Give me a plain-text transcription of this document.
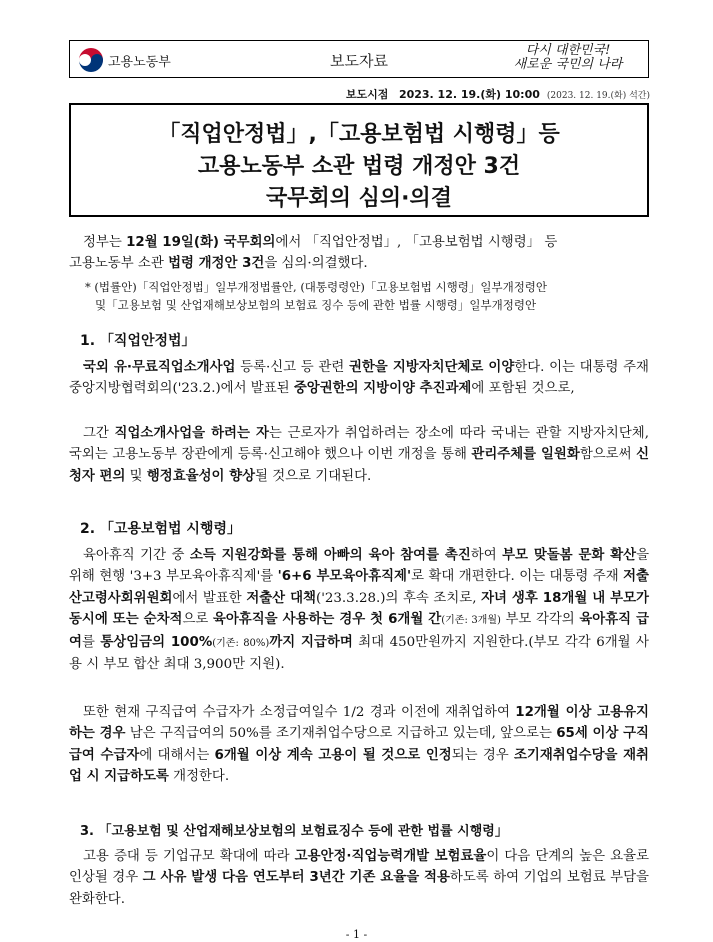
고용노동부	보도자료
다시 대한민국!
새로운 국민의 나라
보도시점 2023. 12. 19.(화) 10:00 (2023. 12. 19.(화) 석간)
「직업안정법」,「고용보험법 시행령」등
고용노동부 소관 법령 개정안 3건
국무회의 심의·의결
정부는 12월 19일(화) 국무회의에서 「직업안정법」, 「고용보험법 시행령」 등
고용노동부 소관 법령 개정안 3건을 심의·의결했다.
* (법률안)「직업안정법」일부개정법률안, (대통령령안)「고용보험법 시행령」일부개정령안
및「고용보험 및 산업재해보상보험의 보험료 징수 등에 관한 법률 시행령」일부개정령안
1. 「직업안정법」
국외 유·무료직업소개사업 등록·신고 등 관련 권한을 지방자치단체로 이양한다. 이는 대통령 주재 중앙지방협력회의('23.2.)에서 발표된 중앙권한의 지방이양 추진과제에 포함된 것으로,
그간 직업소개사업을 하려는 자는 근로자가 취업하려는 장소에 따라 국내는 관할 지방자치단체, 국외는 고용노동부 장관에게 등록·신고해야 했으나 이번 개정을 통해 관리주체를 일원화함으로써 신청자 편의 및 행정효율성이 향상될 것으로 기대된다.
2. 「고용보험법 시행령」
육아휴직 기간 중 소득 지원강화를 통해 아빠의 육아 참여를 촉진하여 부모 맞돌봄 문화 확산을 위해 현행 '3+3 부모육아휴직제'를 '6+6 부모육아휴직제'로 확대 개편한다. 이는 대통령 주재 저출산고령사회위원회에서 발표한 저출산 대책('23.3.28.)의 후속 조치로, 자녀 생후 18개월 내 부모가 동시에 또는 순차적으로 육아휴직을 사용하는 경우 첫 6개월 간(기존: 3개월) 부모 각각의 육아휴직 급여를 통상임금의 100%(기존: 80%)까지 지급하며 최대 450만원까지 지원한다.(부모 각각 6개월 사용 시 부모 합산 최대 3,900만 지원).
또한 현재 구직급여 수급자가 소정급여일수 1/2 경과 이전에 재취업하여 12개월 이상 고용유지하는 경우 남은 구직급여의 50%를 조기재취업수당으로 지급하고 있는데, 앞으로는 65세 이상 구직급여 수급자에 대해서는 6개월 이상 계속 고용이 될 것으로 인정되는 경우 조기재취업수당을 재취업 시 지급하도록 개정한다.
3. 「고용보험 및 산업재해보상보험의 보험료징수 등에 관한 법률 시행령」
고용 증대 등 기업규모 확대에 따라 고용안정·직업능력개발 보험료율이 다음 단계의 높은 요율로 인상될 경우 그 사유 발생 다음 연도부터 3년간 기존 요율을 적용하도록 하여 기업의 보험료 부담을 완화한다.
- 1 -
